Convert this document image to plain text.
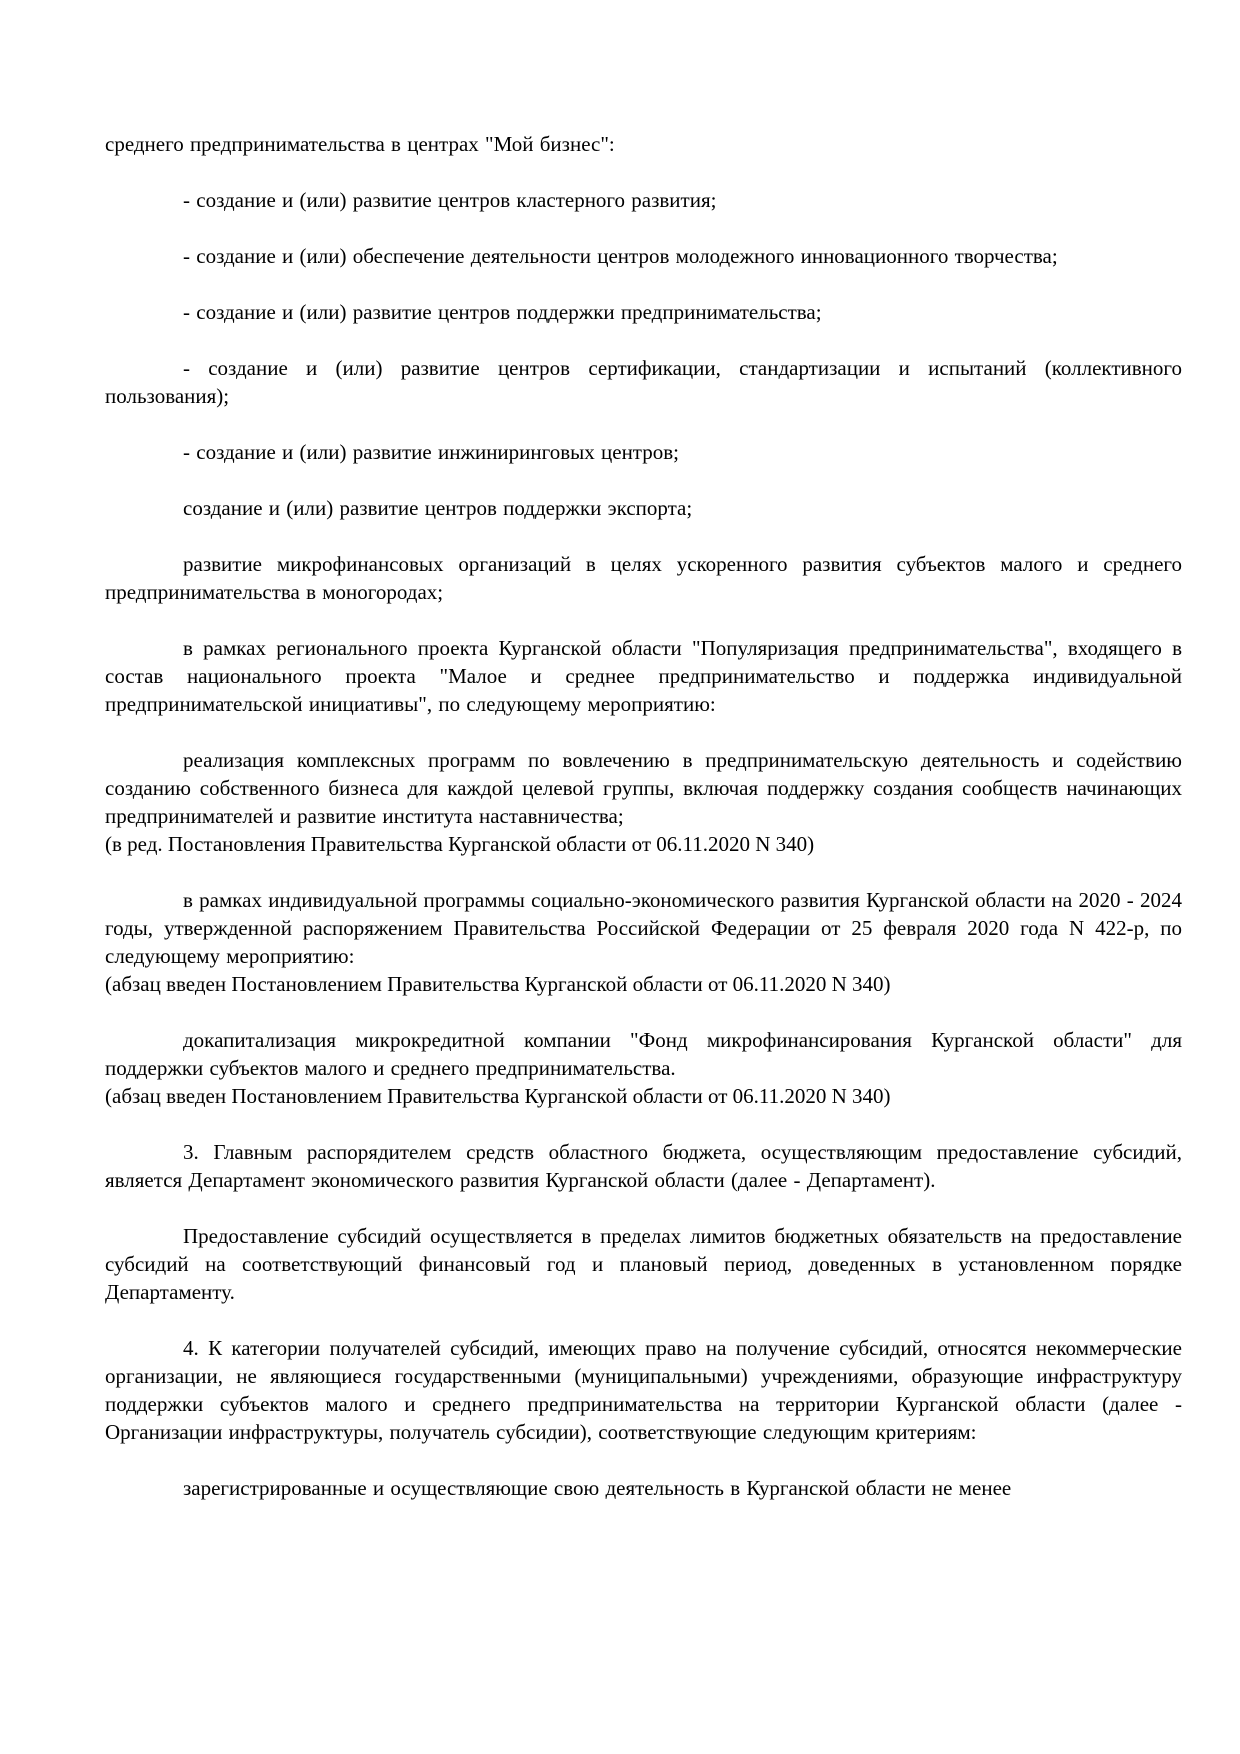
среднего предпринимательства в центрах "Мой бизнес":

- создание и (или) развитие центров кластерного развития;

- создание и (или) обеспечение деятельности центров молодежного инновационного творчества;

- создание и (или) развитие центров поддержки предпринимательства;

- создание и (или) развитие центров сертификации, стандартизации и испытаний (коллективного пользования);

- создание и (или) развитие инжиниринговых центров;

создание и (или) развитие центров поддержки экспорта;

развитие микрофинансовых организаций в целях ускоренного развития субъектов малого и среднего предпринимательства в моногородах;

в рамках регионального проекта Курганской области "Популяризация предпринимательства", входящего в состав национального проекта "Малое и среднее предпринимательство и поддержка индивидуальной предпринимательской инициативы", по следующему мероприятию:

реализация комплексных программ по вовлечению в предпринимательскую деятельность и содействию созданию собственного бизнеса для каждой целевой группы, включая поддержку создания сообществ начинающих предпринимателей и развитие института наставничества;

(в ред. Постановления Правительства Курганской области от 06.11.2020 N 340)

в рамках индивидуальной программы социально-экономического развития Курганской области на 2020 - 2024 годы, утвержденной распоряжением Правительства Российской Федерации от 25 февраля 2020 года N 422-р, по следующему мероприятию:

(абзац введен Постановлением Правительства Курганской области от 06.11.2020 N 340)

докапитализация микрокредитной компании "Фонд микрофинансирования Курганской области" для поддержки субъектов малого и среднего предпринимательства.

(абзац введен Постановлением Правительства Курганской области от 06.11.2020 N 340)

3. Главным распорядителем средств областного бюджета, осуществляющим предоставление субсидий, является Департамент экономического развития Курганской области (далее - Департамент).

Предоставление субсидий осуществляется в пределах лимитов бюджетных обязательств на предоставление субсидий на соответствующий финансовый год и плановый период, доведенных в установленном порядке Департаменту.

4. К категории получателей субсидий, имеющих право на получение субсидий, относятся некоммерческие организации, не являющиеся государственными (муниципальными) учреждениями, образующие инфраструктуру поддержки субъектов малого и среднего предпринимательства на территории Курганской области (далее - Организации инфраструктуры, получатель субсидии), соответствующие следующим критериям:

зарегистрированные и осуществляющие свою деятельность в Курганской области не менее
